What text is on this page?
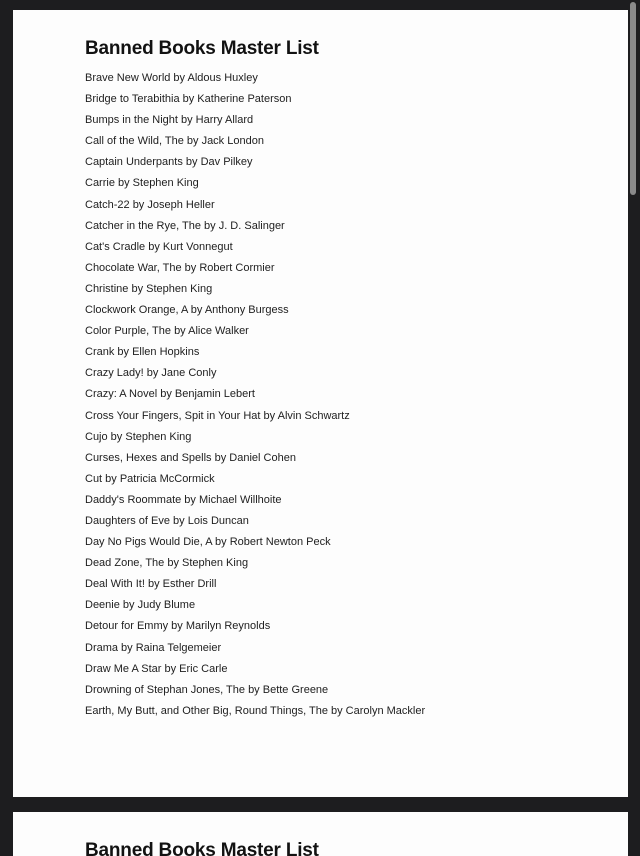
Banned Books Master List
Brave New World by Aldous Huxley
Bridge to Terabithia by Katherine Paterson
Bumps in the Night by Harry Allard
Call of the Wild, The by Jack London
Captain Underpants by Dav Pilkey
Carrie by Stephen King
Catch-22 by Joseph Heller
Catcher in the Rye, The by J. D. Salinger
Cat's Cradle by Kurt Vonnegut
Chocolate War, The by Robert Cormier
Christine by Stephen King
Clockwork Orange, A by Anthony Burgess
Color Purple, The by Alice Walker
Crank by Ellen Hopkins
Crazy Lady! by Jane Conly
Crazy: A Novel by Benjamin Lebert
Cross Your Fingers, Spit in Your Hat by Alvin Schwartz
Cujo by Stephen King
Curses, Hexes and Spells by Daniel Cohen
Cut by Patricia McCormick
Daddy's Roommate by Michael Willhoite
Daughters of Eve by Lois Duncan
Day No Pigs Would Die, A by Robert Newton Peck
Dead Zone, The by Stephen King
Deal With It! by Esther Drill
Deenie by Judy Blume
Detour for Emmy by Marilyn Reynolds
Drama by Raina Telgemeier
Draw Me A Star by Eric Carle
Drowning of Stephan Jones, The by Bette Greene
Earth, My Butt, and Other Big, Round Things, The by Carolyn Mackler
Banned Books Master List
